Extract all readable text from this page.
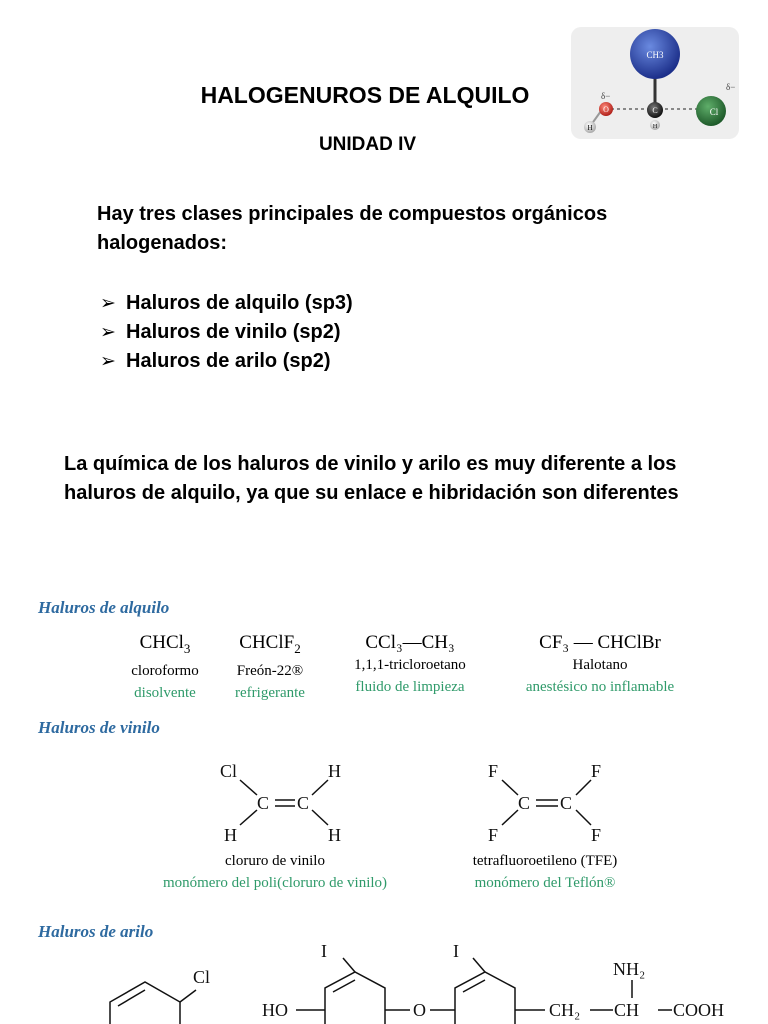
HALOGENUROS DE ALQUILO
UNIDAD IV
CH3
O	C	Cl
H	H
δ−
δ−
Hay tres clases principales de compuestos orgánicos halogenados:
➢ Haluros de alquilo (sp3)
➢ Haluros de vinilo (sp2)
➢ Haluros de arilo (sp2)
La química de los haluros de vinilo y arilo es muy diferente a los haluros de alquilo, ya que su enlace e hibridación son diferentes
Haluros de alquilo
CHCl$_3$
cloroformo
disolvente
CHClF$_2$
Freón-22®
refrigerante
CCl₃—CH₃
1,1,1-tricloroetano
fluido de limpieza
CF₃ — CHClBr
Halotano
anestésico no inflamable
Haluros de vinilo
Cl	H
H	H
C C
F	F
F	F
C C
cloruro de vinilo
monómero del poli(cloruro de vinilo)
tetrafluoroetileno (TFE)
monómero del Teflón®
Haluros de arilo
Cl
I	I
HO	O
NH₂
CH₂ CH COOH
